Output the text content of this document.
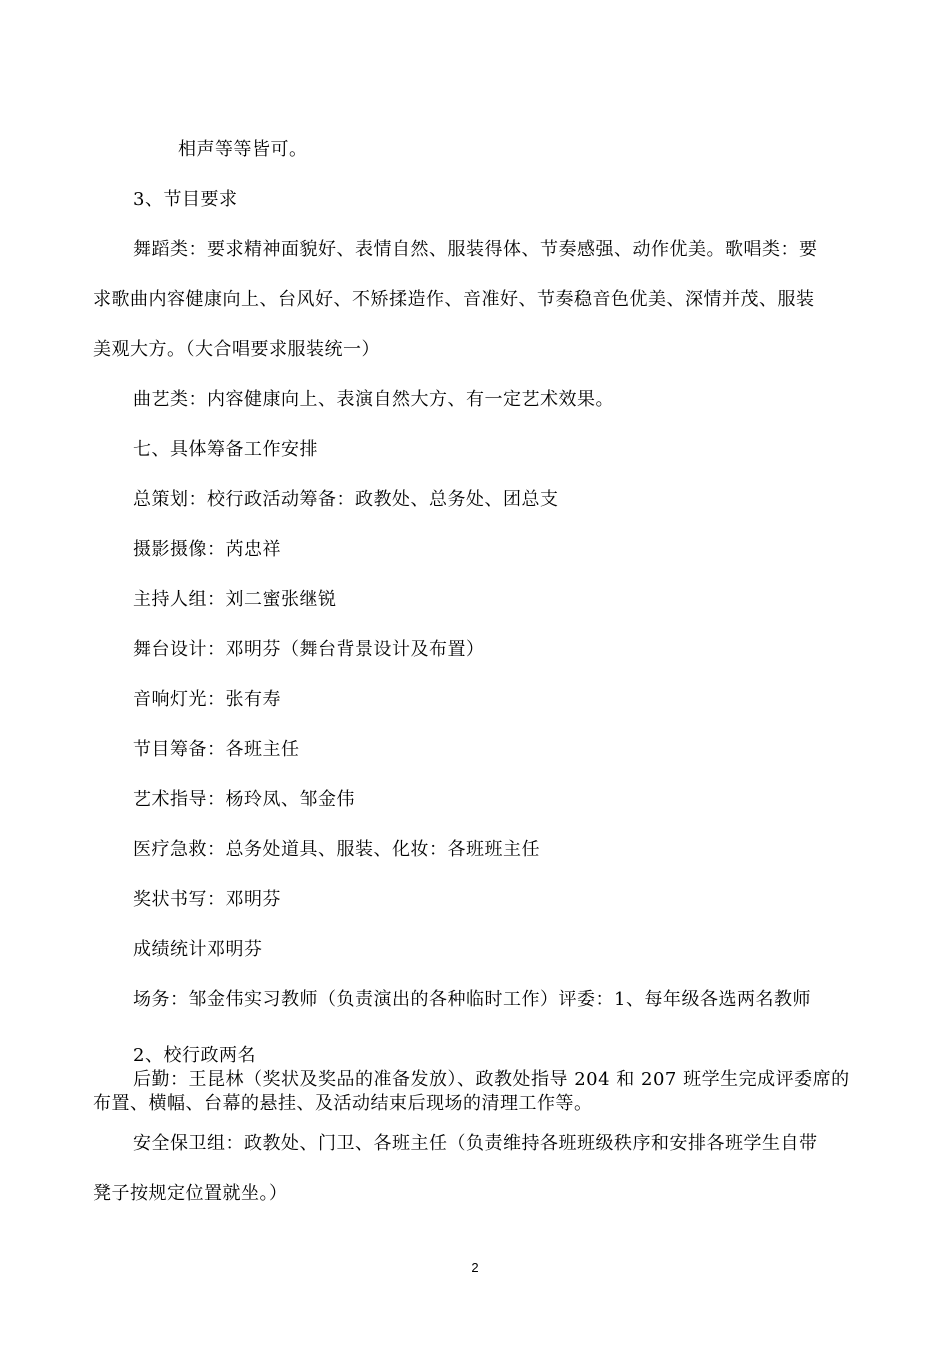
相声等等皆可。
3、节目要求
舞蹈类：要求精神面貌好、表情自然、服装得体、节奏感强、动作优美。歌唱类：要
求歌曲内容健康向上、台风好、不矫揉造作、音准好、节奏稳音色优美、深情并茂、服装
美观大方。（大合唱要求服装统一）
曲艺类：内容健康向上、表演自然大方、有一定艺术效果。
七、具体筹备工作安排
总策划：校行政活动筹备：政教处、总务处、团总支
摄影摄像：芮忠祥
主持人组：刘二蜜张继锐
舞台设计：邓明芬（舞台背景设计及布置）
音响灯光：张有寿
节目筹备：各班主任
艺术指导：杨玲凤、邹金伟
医疗急救：总务处道具、服装、化妆：各班班主任
奖状书写：邓明芬
成绩统计邓明芬
场务：邹金伟实习教师（负责演出的各种临时工作）评委：1、每年级各选两名教师
2、校行政两名
后勤：王昆林（奖状及奖品的准备发放）、政教处指导 204 和 207 班学生完成评委席的
布置、横幅、台幕的悬挂、及活动结束后现场的清理工作等。
安全保卫组：政教处、门卫、各班主任（负责维持各班班级秩序和安排各班学生自带
凳子按规定位置就坐。）
2
